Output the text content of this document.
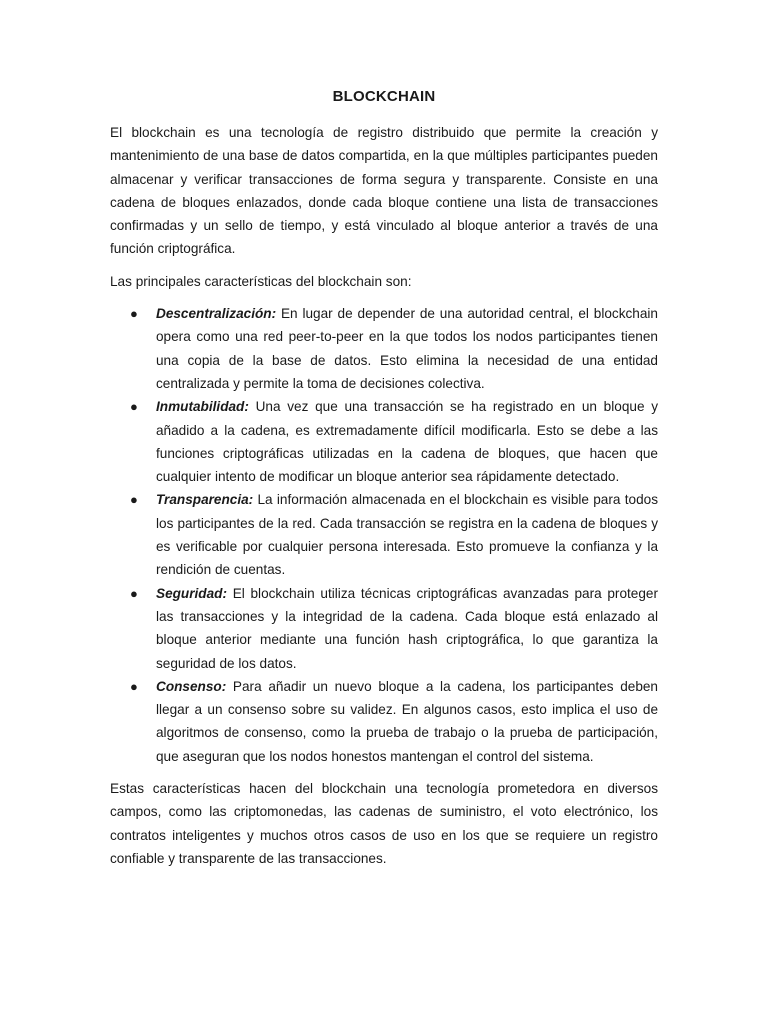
BLOCKCHAIN

El blockchain es una tecnología de registro distribuido que permite la creación y mantenimiento de una base de datos compartida, en la que múltiples participantes pueden almacenar y verificar transacciones de forma segura y transparente. Consiste en una cadena de bloques enlazados, donde cada bloque contiene una lista de transacciones confirmadas y un sello de tiempo, y está vinculado al bloque anterior a través de una función criptográfica.

Las principales características del blockchain son:

● Descentralización: En lugar de depender de una autoridad central, el blockchain opera como una red peer-to-peer en la que todos los nodos participantes tienen una copia de la base de datos. Esto elimina la necesidad de una entidad centralizada y permite la toma de decisiones colectiva.
● Inmutabilidad: Una vez que una transacción se ha registrado en un bloque y añadido a la cadena, es extremadamente difícil modificarla. Esto se debe a las funciones criptográficas utilizadas en la cadena de bloques, que hacen que cualquier intento de modificar un bloque anterior sea rápidamente detectado.
● Transparencia: La información almacenada en el blockchain es visible para todos los participantes de la red. Cada transacción se registra en la cadena de bloques y es verificable por cualquier persona interesada. Esto promueve la confianza y la rendición de cuentas.
● Seguridad: El blockchain utiliza técnicas criptográficas avanzadas para proteger las transacciones y la integridad de la cadena. Cada bloque está enlazado al bloque anterior mediante una función hash criptográfica, lo que garantiza la seguridad de los datos.
● Consenso: Para añadir un nuevo bloque a la cadena, los participantes deben llegar a un consenso sobre su validez. En algunos casos, esto implica el uso de algoritmos de consenso, como la prueba de trabajo o la prueba de participación, que aseguran que los nodos honestos mantengan el control del sistema.

Estas características hacen del blockchain una tecnología prometedora en diversos campos, como las criptomonedas, las cadenas de suministro, el voto electrónico, los contratos inteligentes y muchos otros casos de uso en los que se requiere un registro confiable y transparente de las transacciones.
